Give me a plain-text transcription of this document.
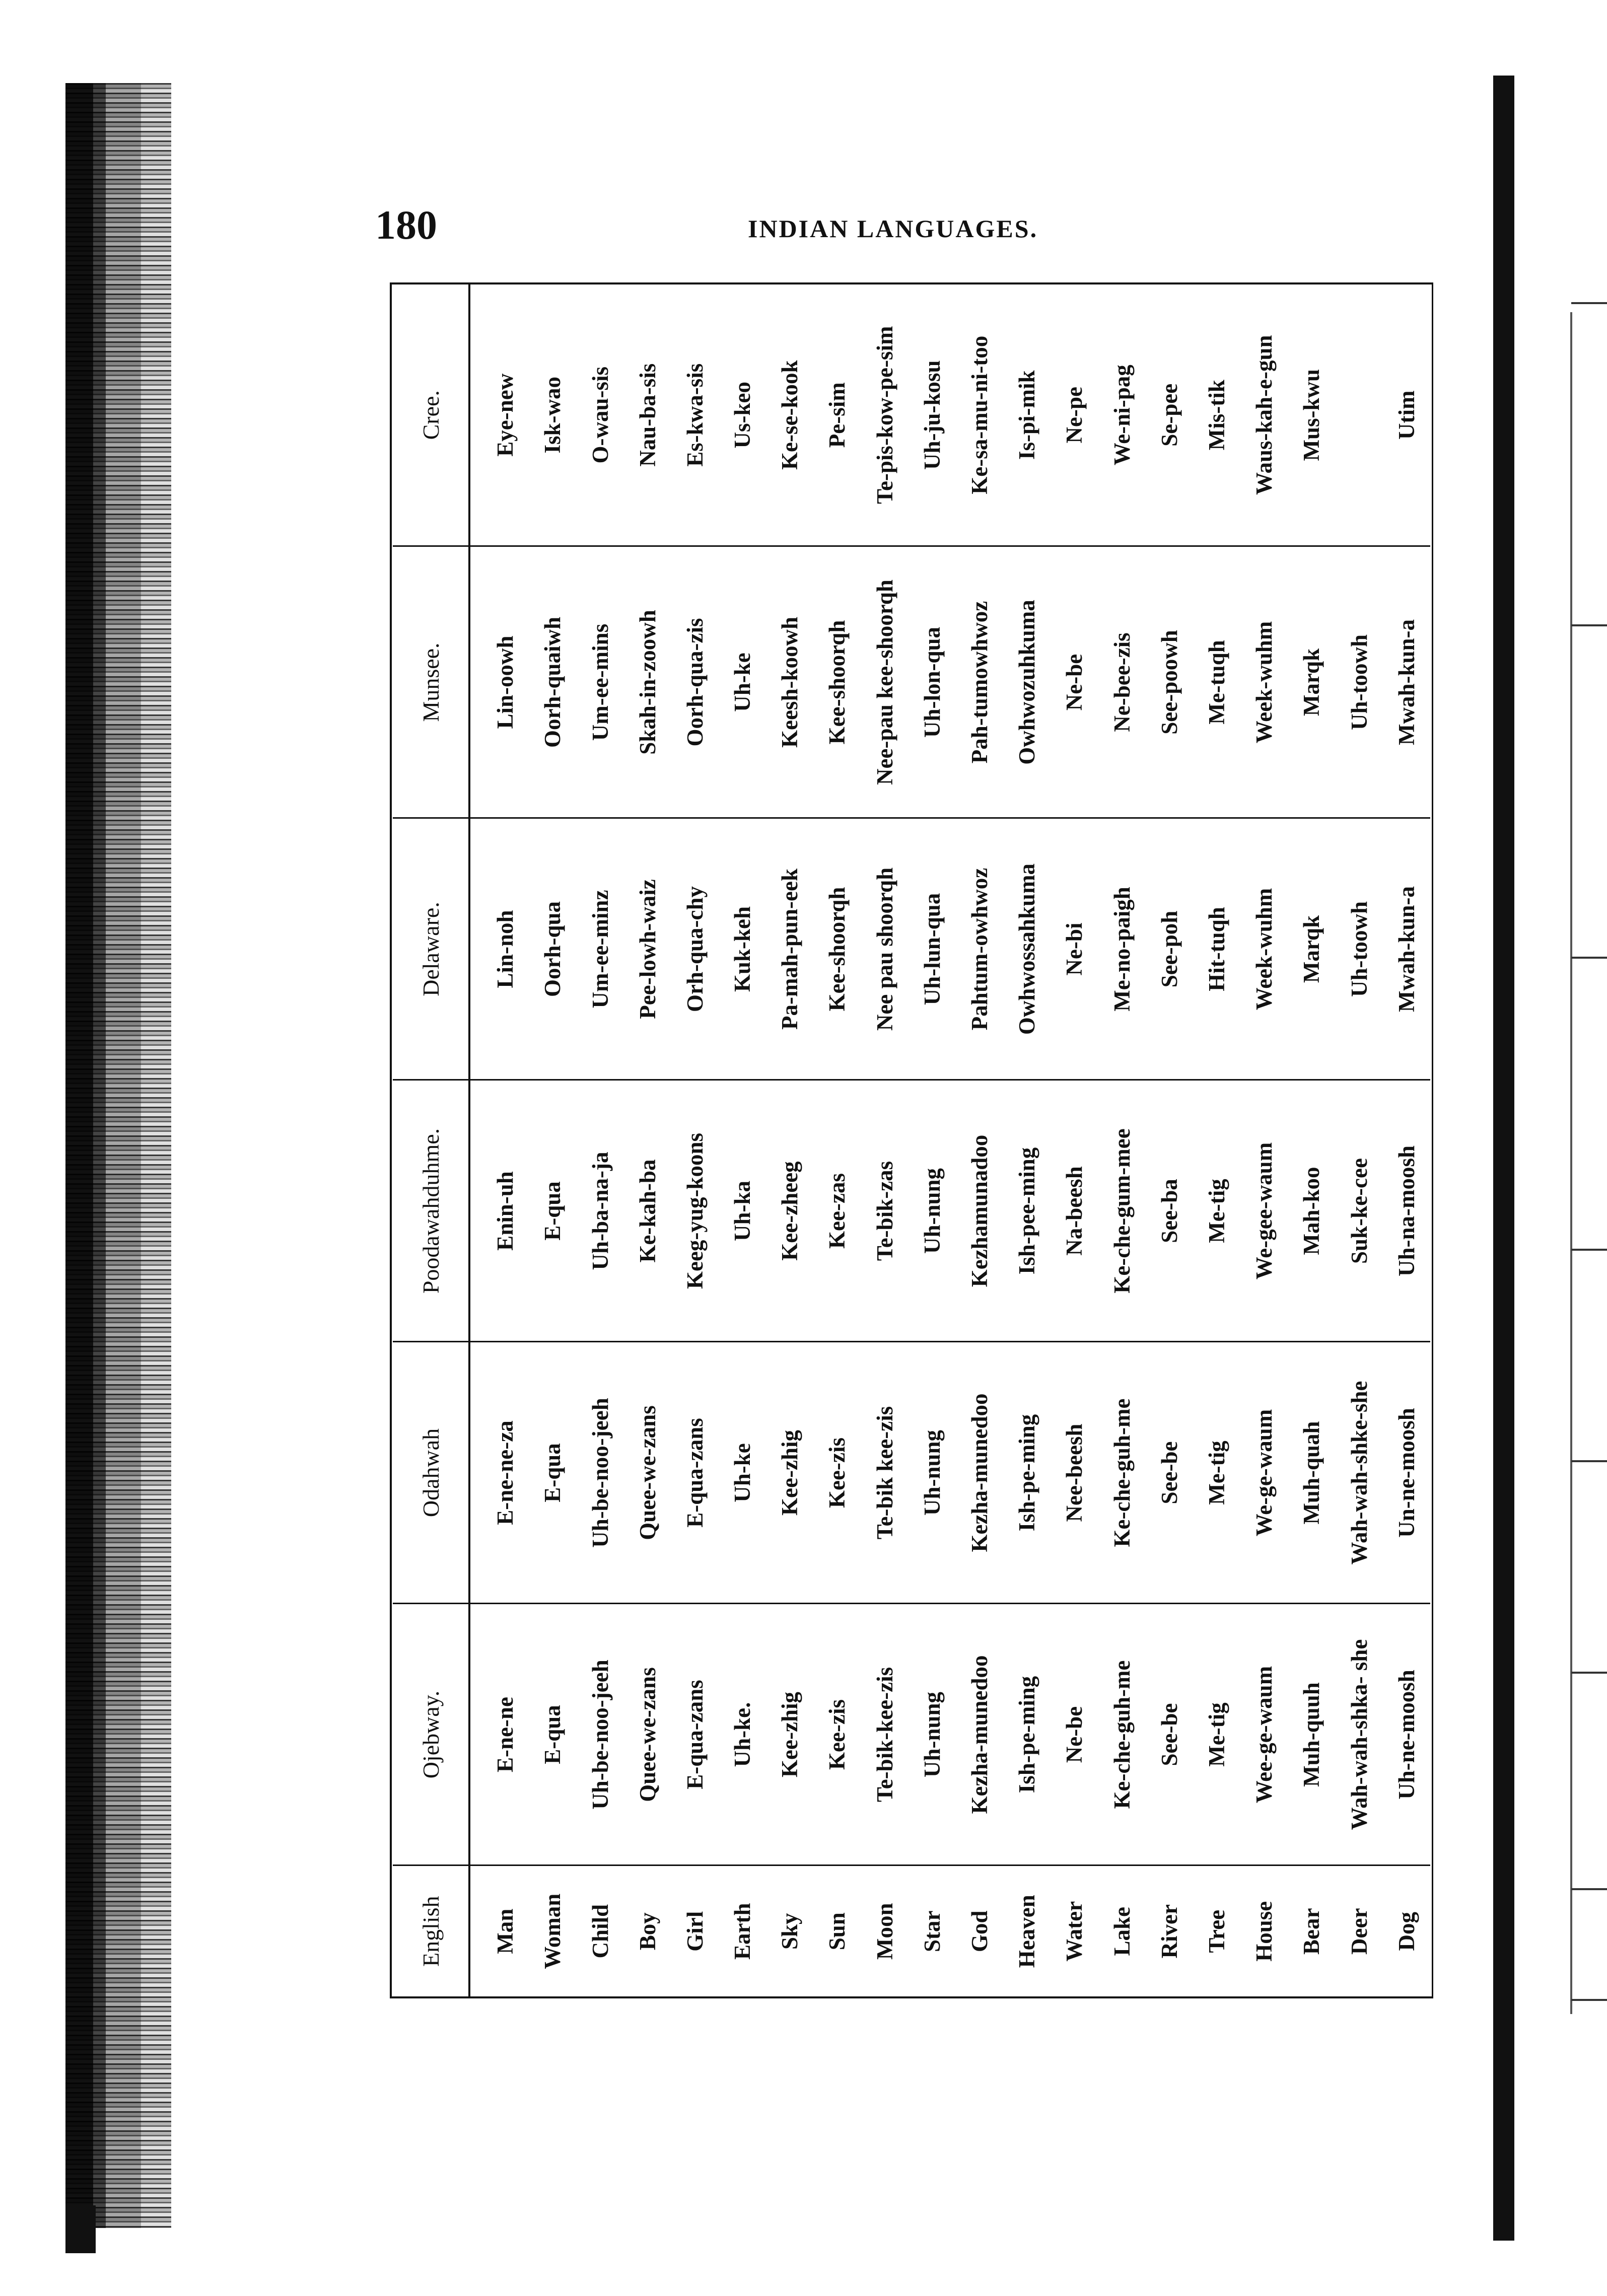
180	INDIAN LANGUAGES.
English	Ojebway.	Odahwah	Poodawahduhme.	Delaware.	Munsee.	Cree.
Man	E-ne-ne	E-ne-ne-za	Enin-uh	Lin-noh	Lin-oowh	Eye-new
Woman	E-qua	E-qua	E-qua	Oorh-qua	Oorh-quaiwh	Isk-wao
Child	Uh-be-noo-jeeh	Uh-be-noo-jeeh	Uh-ba-na-ja	Um-ee-minz	Um-ee-mins	O-wau-sis
Boy	Quee-we-zans	Quee-we-zans	Ke-kah-ba	Pee-lowh-waiz	Skah-in-zoowh	Nau-ba-sis
Girl	E-qua-zans	E-qua-zans	Keeg-yug-koons	Orh-qua-chy	Oorh-qua-zis	Es-kwa-sis
Earth	Uh-ke.	Uh-ke	Uh-ka	Kuk-keh	Uh-ke	Us-keo
Sky	Kee-zhig	Kee-zhig	Kee-zheeg	Pa-mah-pun-eek	Keesh-koowh	Ke-se-kook
Sun	Kee-zis	Kee-zis	Kee-zas	Kee-shoorqh	Kee-shoorqh	Pe-sim
Moon	Te-bik-kee-zis	Te-bik kee-zis	Te-bik-zas	Nee pau shoorqh	Nee-pau kee-shoorqh	Te-pis-kow-pe-sim
Star	Uh-nung	Uh-nung	Uh-nung	Uh-lun-qua	Uh-lon-qua	Uh-ju-kosu
God	Kezha-munedoo	Kezha-munedoo	Kezhamunadoo	Pahtum-owhwoz	Pah-tumowhwoz	Ke-sa-mu-ni-too
Heaven	Ish-pe-ming	Ish-pe-ming	Ish-pee-ming	Owhwossahkuma	Owhwozuhkuma	Is-pi-mik
Water	Ne-be	Nee-beesh	Na-beesh	Ne-bi	Ne-be	Ne-pe
Lake	Ke-che-guh-me	Ke-che-guh-me	Ke-che-gum-mee	Me-no-paigh	Ne-bee-zis	We-ni-pag
River	See-be	See-be	See-ba	See-poh	See-poowh	Se-pee
Tree	Me-tig	Me-tig	Me-tig	Hit-tuqh	Me-tuqh	Mis-tik
House	Wee-ge-waum	We-ge-waum	We-gee-waum	Week-wuhm	Week-wuhm	Waus-kah-e-gun
Bear	Muh-quuh	Muh-quah	Mah-koo	Marqk	Marqk	Mus-kwu
Deer	Wah-wah-shka- she	Wah-wah-shke-she	Suk-ke-cee	Uh-toowh	Uh-toowh	
Dog	Uh-ne-moosh	Un-ne-moosh	Uh-na-moosh	Mwah-kun-a	Mwah-kun-a	Utim
